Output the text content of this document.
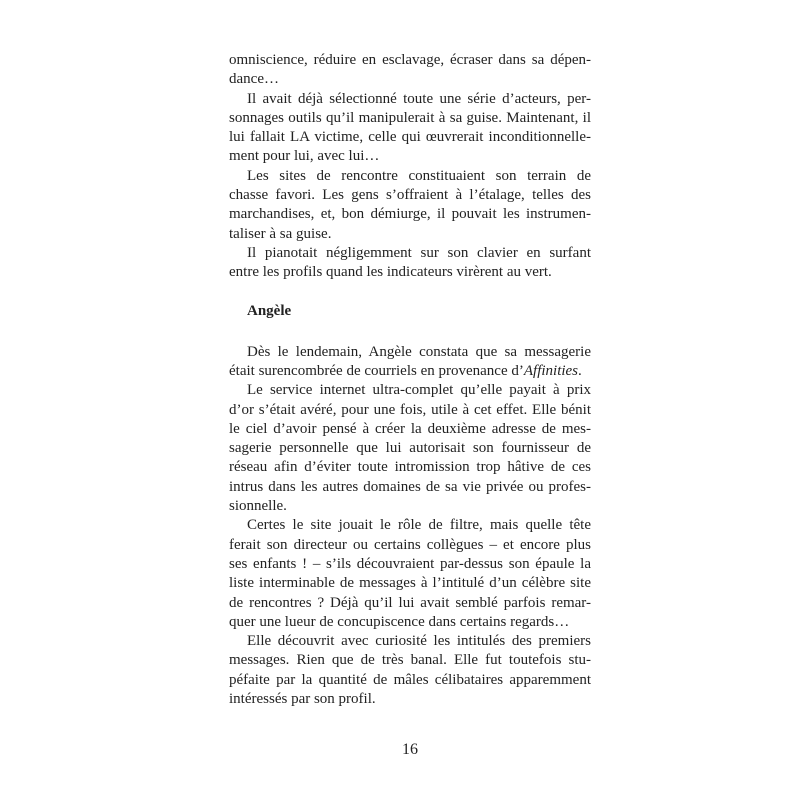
omniscience, réduire en esclavage, écraser dans sa dépen-
dance…
Il avait déjà sélectionné toute une série d’acteurs, per-
sonnages outils qu’il manipulerait à sa guise. Maintenant, il
lui fallait LA victime, celle qui œuvrerait inconditionnelle-
ment pour lui, avec lui…
Les sites de rencontre constituaient son terrain de
chasse favori. Les gens s’offraient à l’étalage, telles des
marchandises, et, bon démiurge, il pouvait les instrumen-
taliser à sa guise.
Il pianotait négligemment sur son clavier en surfant
entre les profils quand les indicateurs virèrent au vert.
Angèle
Dès le lendemain, Angèle constata que sa messagerie
était surencombrée de courriels en provenance d’Affinities.
Le service internet ultra-complet qu’elle payait à prix
d’or s’était avéré, pour une fois, utile à cet effet. Elle bénit
le ciel d’avoir pensé à créer la deuxième adresse de mes-
sagerie personnelle que lui autorisait son fournisseur de
réseau afin d’éviter toute intromission trop hâtive de ces
intrus dans les autres domaines de sa vie privée ou profes-
sionnelle.
Certes le site jouait le rôle de filtre, mais quelle tête
ferait son directeur ou certains collègues – et encore plus
ses enfants ! – s’ils découvraient par-dessus son épaule la
liste interminable de messages à l’intitulé d’un célèbre site
de rencontres ? Déjà qu’il lui avait semblé parfois remar-
quer une lueur de concupiscence dans certains regards…
Elle découvrit avec curiosité les intitulés des premiers
messages. Rien que de très banal. Elle fut toutefois stu-
péfaite par la quantité de mâles célibataires apparemment
intéressés par son profil.
16
